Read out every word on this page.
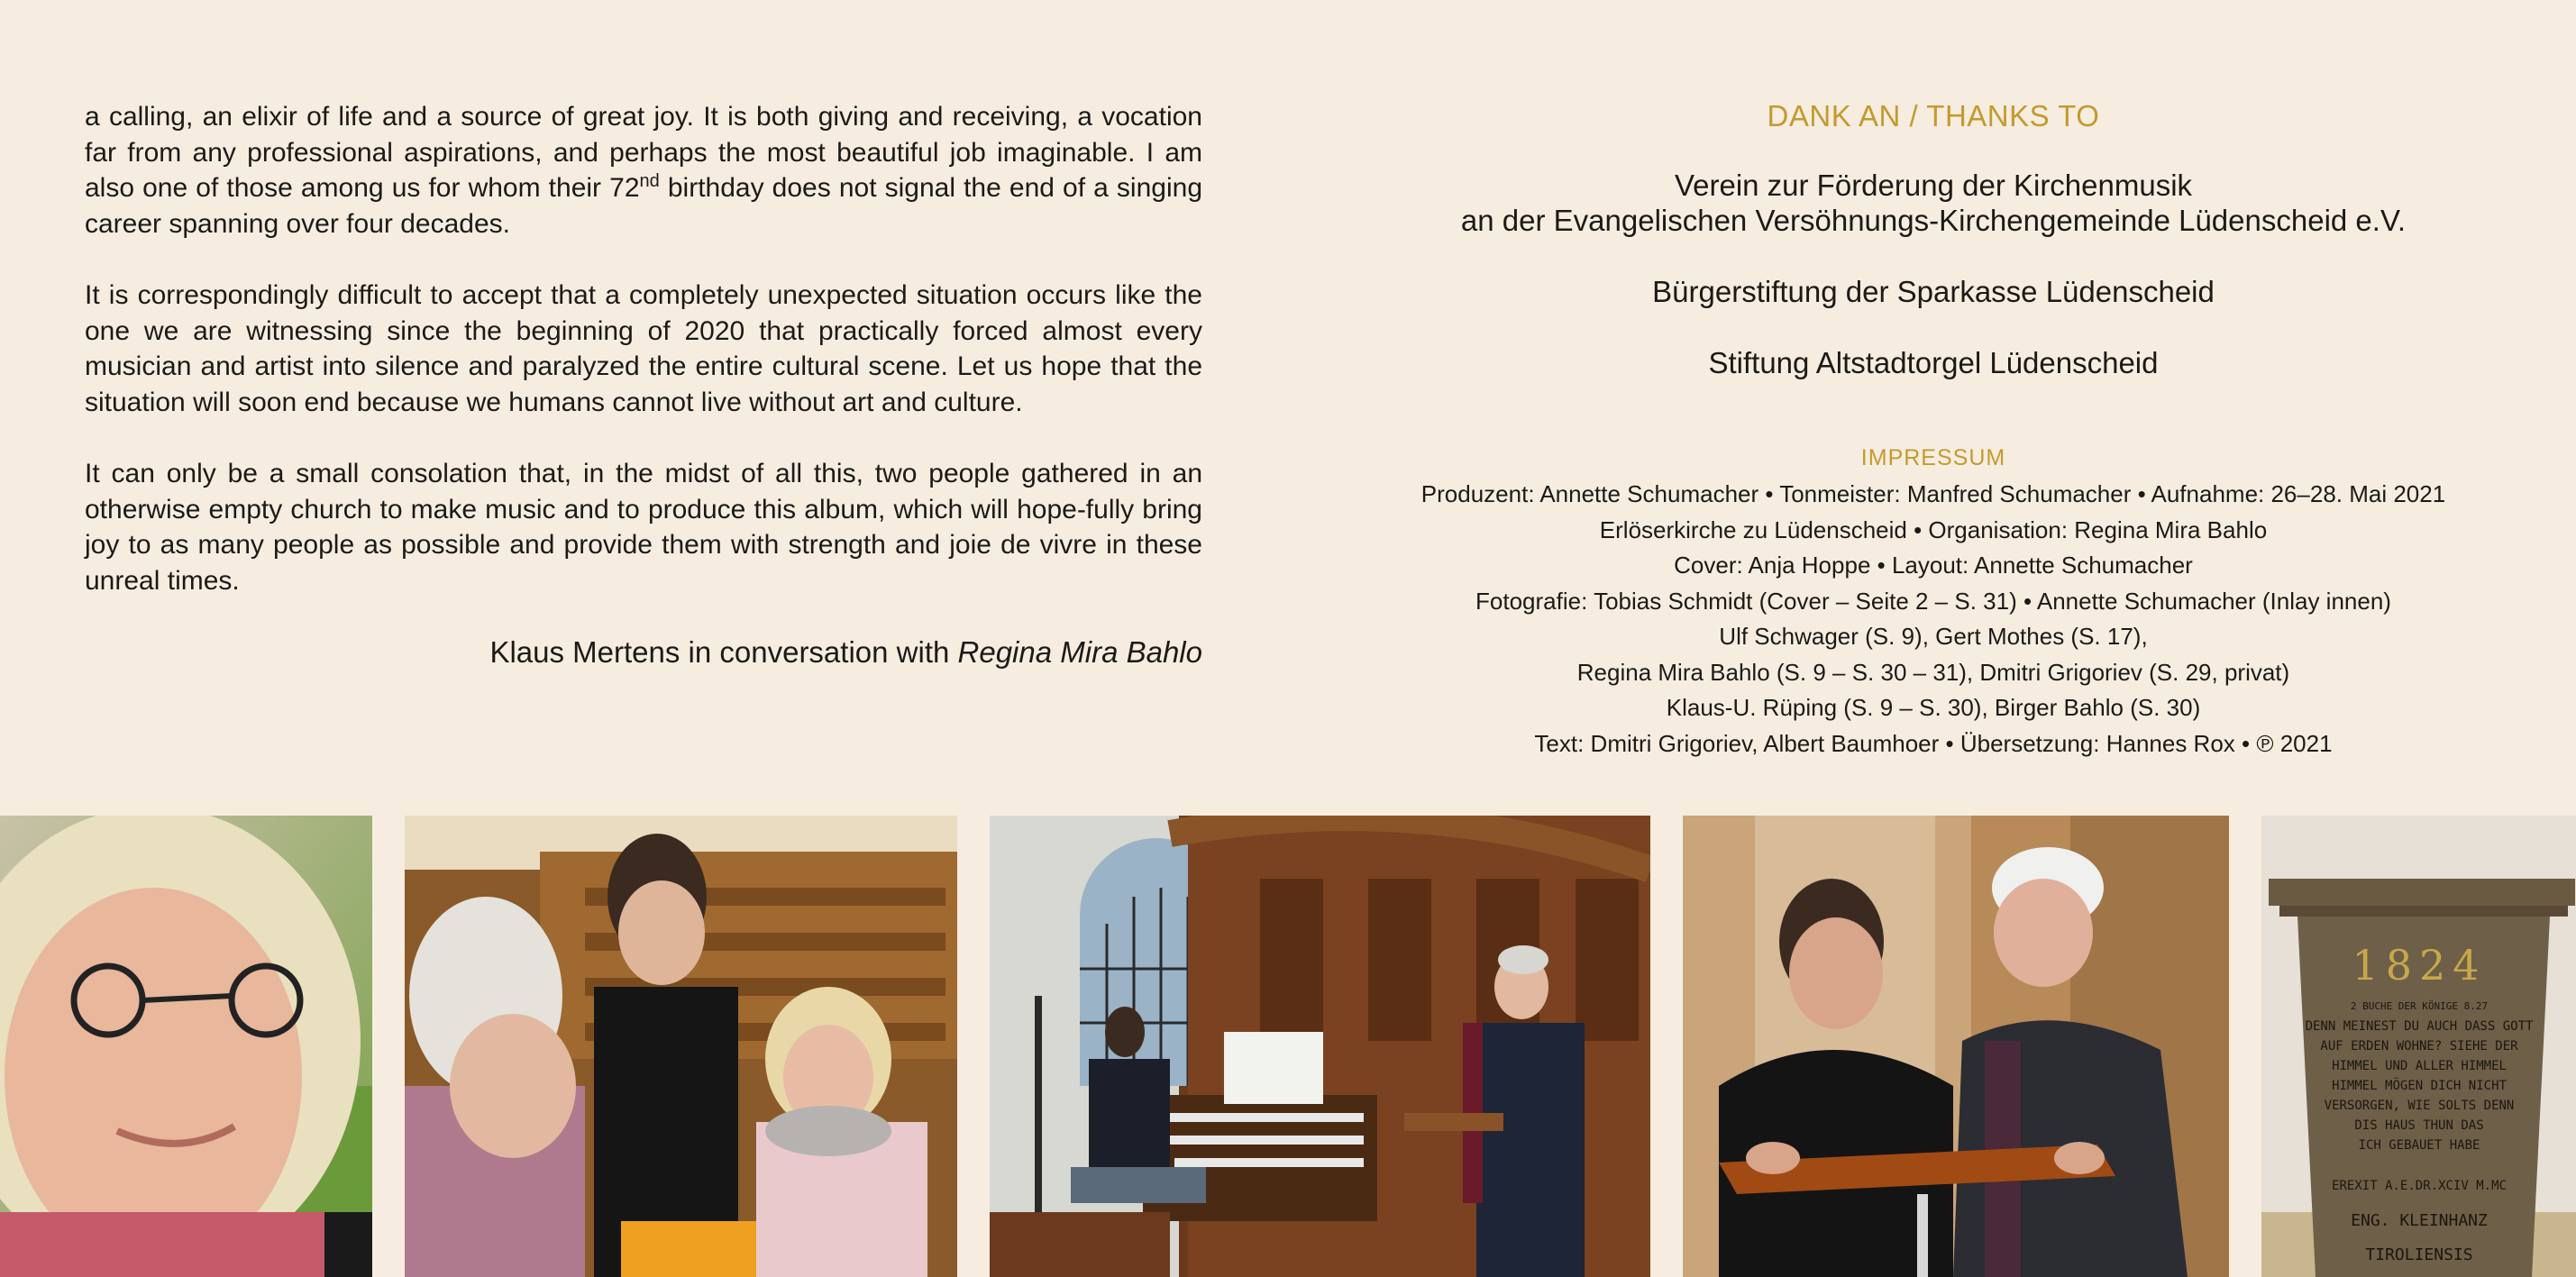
a calling, an elixir of life and a source of great joy. It is both giving and receiving, a vocation far from any professional aspirations, and perhaps the most beautiful job imaginable. I am also one of those among us for whom their 72nd birthday does not signal the end of a singing career spanning over four decades.

It is correspondingly difficult to accept that a completely unexpected situation occurs like the one we are witnessing since the beginning of 2020 that practically forced almost every musician and artist into silence and paralyzed the entire cultural scene. Let us hope that the situation will soon end because we humans cannot live without art and culture.

It can only be a small consolation that, in the midst of all this, two people gathered in an otherwise empty church to make music and to produce this album, which will hope-fully bring joy to as many people as possible and provide them with strength and joie de vivre in these unreal times.

Klaus Mertens in conversation with Regina Mira Bahlo
DANK AN / THANKS TO
Verein zur Förderung der Kirchenmusik
an der Evangelischen Versöhnungs-Kirchengemeinde Lüdenscheid e.V.
Bürgerstiftung der Sparkasse Lüdenscheid
Stiftung Altstadtorgel Lüdenscheid
IMPRESSUM

Produzent: Annette Schumacher • Tonmeister: Manfred Schumacher • Aufnahme: 26–28. Mai 2021

Erlöserkirche zu Lüdenscheid • Organisation: Regina Mira Bahlo

Cover: Anja Hoppe • Layout: Annette Schumacher

Fotografie: Tobias Schmidt (Cover – Seite 2 – S. 31) • Annette Schumacher (Inlay innen)

Ulf Schwager (S. 9), Gert Mothes (S. 17),

Regina Mira Bahlo (S. 9 – S. 30 – 31), Dmitri Grigoriev (S. 29, privat)

Klaus-U. Rüping (S. 9 – S. 30), Birger Bahlo (S. 30)

Text: Dmitri Grigoriev, Albert Baumhoer • Übersetzung: Hannes Rox • ℗ 2021

1824
2 BUCHE DER KÖNIGE 8.27
DENN MEINEST DU AUCH DASS GOTT
AUF ERDEN WOHNE? SIEHE DER
HIMMEL UND ALLER HIMMEL
HIMMEL MÖGEN DICH NICHT
VERSORGEN, WIE SOLTS DENN
DIS HAUS THUN DAS
ICH GEBAUET HABE
EREXIT A.E.DR.XCIV M.MC
ENG. KLEINHANZ
TIROLIENSIS
